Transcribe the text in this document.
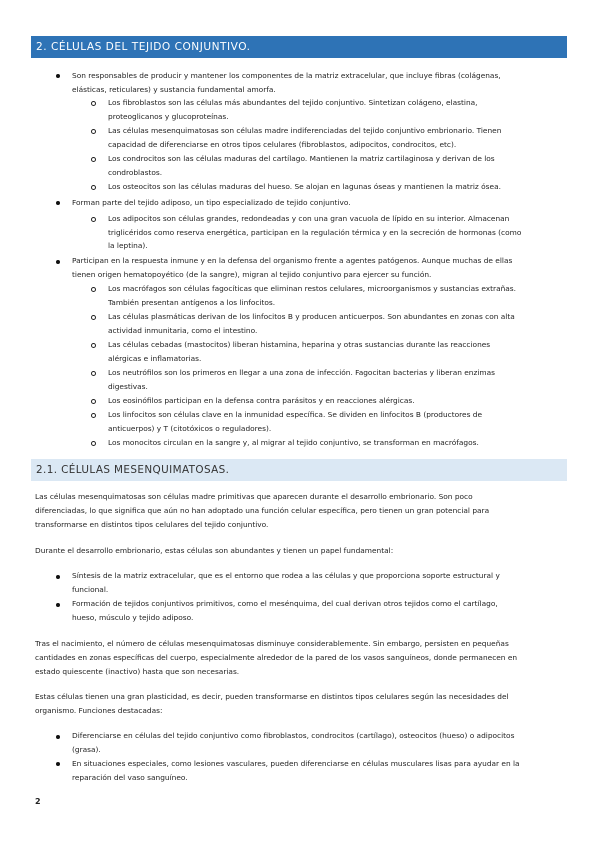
2. CÉLULAS DEL TEJIDO CONJUNTIVO.
Son responsables de producir y mantener los componentes de la matriz extracelular, que incluye fibras (colágenas,
elásticas, reticulares) y sustancia fundamental amorfa.
Los fibroblastos son las células más abundantes del tejido conjuntivo. Sintetizan colágeno, elastina,
proteoglicanos y glucoproteínas.
Las células mesenquimatosas son células madre indiferenciadas del tejido conjuntivo embrionario. Tienen
capacidad de diferenciarse en otros tipos celulares (fibroblastos, adipocitos, condrocitos, etc).
Los condrocitos son las células maduras del cartílago. Mantienen la matriz cartilaginosa y derivan de los
condroblastos.
Los osteocitos son las células maduras del hueso. Se alojan en lagunas óseas y mantienen la matriz ósea.
Forman parte del tejido adiposo, un tipo especializado de tejido conjuntivo.
Los adipocitos son células grandes, redondeadas y con una gran vacuola de lípido en su interior. Almacenan
triglicéridos como reserva energética, participan en la regulación térmica y en la secreción de hormonas (como
la leptina).
Participan en la respuesta inmune y en la defensa del organismo frente a agentes patógenos. Aunque muchas de ellas
tienen origen hematopoyético (de la sangre), migran al tejido conjuntivo para ejercer su función.
Los macrófagos son células fagocíticas que eliminan restos celulares, microorganismos y sustancias extrañas.
También presentan antígenos a los linfocitos.
Las células plasmáticas derivan de los linfocitos B y producen anticuerpos. Son abundantes en zonas con alta
actividad inmunitaria, como el intestino.
Las células cebadas (mastocitos) liberan histamina, heparina y otras sustancias durante las reacciones
alérgicas e inflamatorias.
Los neutrófilos son los primeros en llegar a una zona de infección. Fagocitan bacterias y liberan enzimas
digestivas.
Los eosinófilos participan en la defensa contra parásitos y en reacciones alérgicas.
Los linfocitos son células clave en la inmunidad específica. Se dividen en linfocitos B (productores de
anticuerpos) y T (citotóxicos o reguladores).
Los monocitos circulan en la sangre y, al migrar al tejido conjuntivo, se transforman en macrófagos.
2.1. CÉLULAS MESENQUIMATOSAS.
Las células mesenquimatosas son células madre primitivas que aparecen durante el desarrollo embrionario. Son poco
diferenciadas, lo que significa que aún no han adoptado una función celular específica, pero tienen un gran potencial para
transformarse en distintos tipos celulares del tejido conjuntivo.
Durante el desarrollo embrionario, estas células son abundantes y tienen un papel fundamental:
Síntesis de la matriz extracelular, que es el entorno que rodea a las células y que proporciona soporte estructural y
funcional.
Formación de tejidos conjuntivos primitivos, como el mesénquima, del cual derivan otros tejidos como el cartílago,
hueso, músculo y tejido adiposo.
Tras el nacimiento, el número de células mesenquimatosas disminuye considerablemente. Sin embargo, persisten en pequeñas
cantidades en zonas específicas del cuerpo, especialmente alrededor de la pared de los vasos sanguíneos, donde permanecen en
estado quiescente (inactivo) hasta que son necesarias.
Estas células tienen una gran plasticidad, es decir, pueden transformarse en distintos tipos celulares según las necesidades del
organismo. Funciones destacadas:
Diferenciarse en células del tejido conjuntivo como fibroblastos, condrocitos (cartílago), osteocitos (hueso) o adipocitos
(grasa).
En situaciones especiales, como lesiones vasculares, pueden diferenciarse en células musculares lisas para ayudar en la
reparación del vaso sanguíneo.
2
